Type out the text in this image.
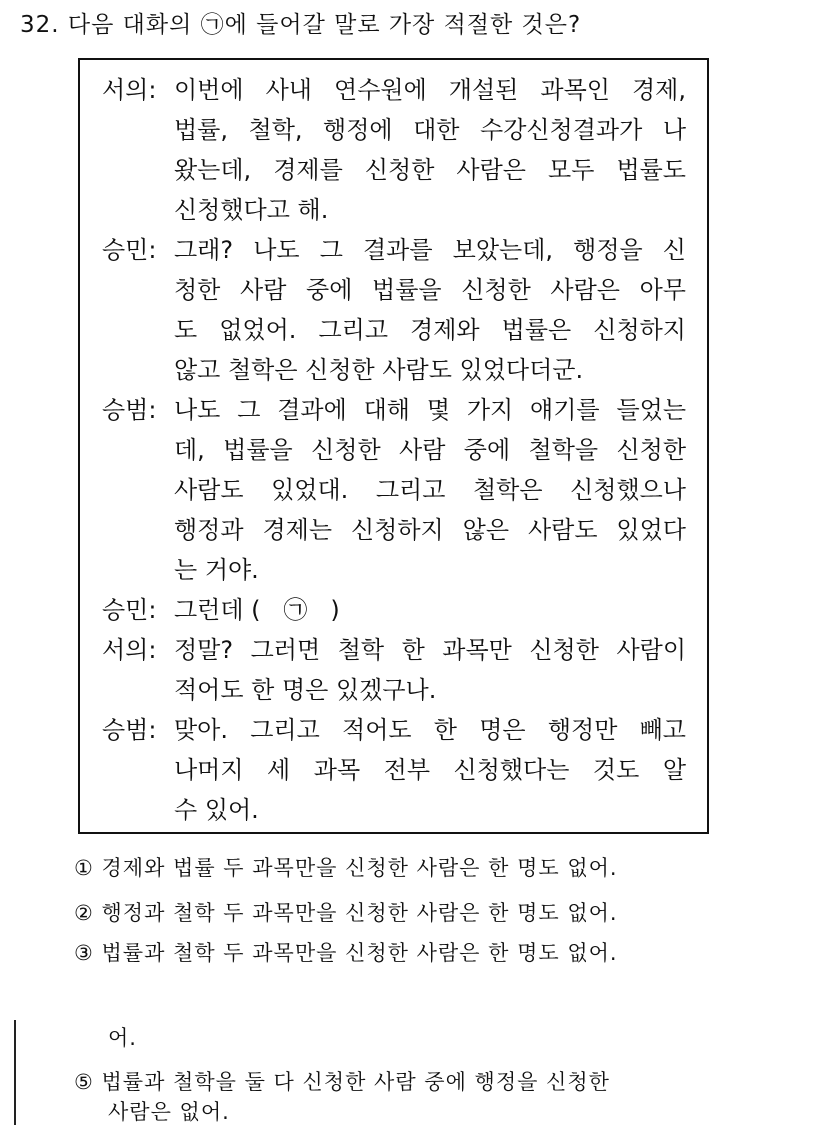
32. 다음 대화의 ㉠에 들어갈 말로 가장 적절한 것은?
서의: 이번에 사내 연수원에 개설된 과목인 경제,
법률, 철학, 행정에 대한 수강신청결과가 나
왔는데, 경제를 신청한 사람은 모두 법률도
신청했다고 해.
승민: 그래? 나도 그 결과를 보았는데, 행정을 신
청한 사람 중에 법률을 신청한 사람은 아무
도 없었어. 그리고 경제와 법률은 신청하지
않고 철학은 신청한 사람도 있었다더군.
승범: 나도 그 결과에 대해 몇 가지 얘기를 들었는
데, 법률을 신청한 사람 중에 철학을 신청한
사람도 있었대. 그리고 철학은 신청했으나
행정과 경제는 신청하지 않은 사람도 있었다
는 거야.
승민: 그런데 (   ㉠   )
서의: 정말? 그러면 철학 한 과목만 신청한 사람이
적어도 한 명은 있겠구나.
승범: 맞아. 그리고 적어도 한 명은 행정만 빼고
나머지 세 과목 전부 신청했다는 것도 알
수 있어.
① 경제와 법률 두 과목만을 신청한 사람은 한 명도 없어.
② 행정과 철학 두 과목만을 신청한 사람은 한 명도 없어.
③ 법률과 철학 두 과목만을 신청한 사람은 한 명도 없어.
어.
⑤ 법률과 철학을 둘 다 신청한 사람 중에 행정을 신청한
사람은 없어.
